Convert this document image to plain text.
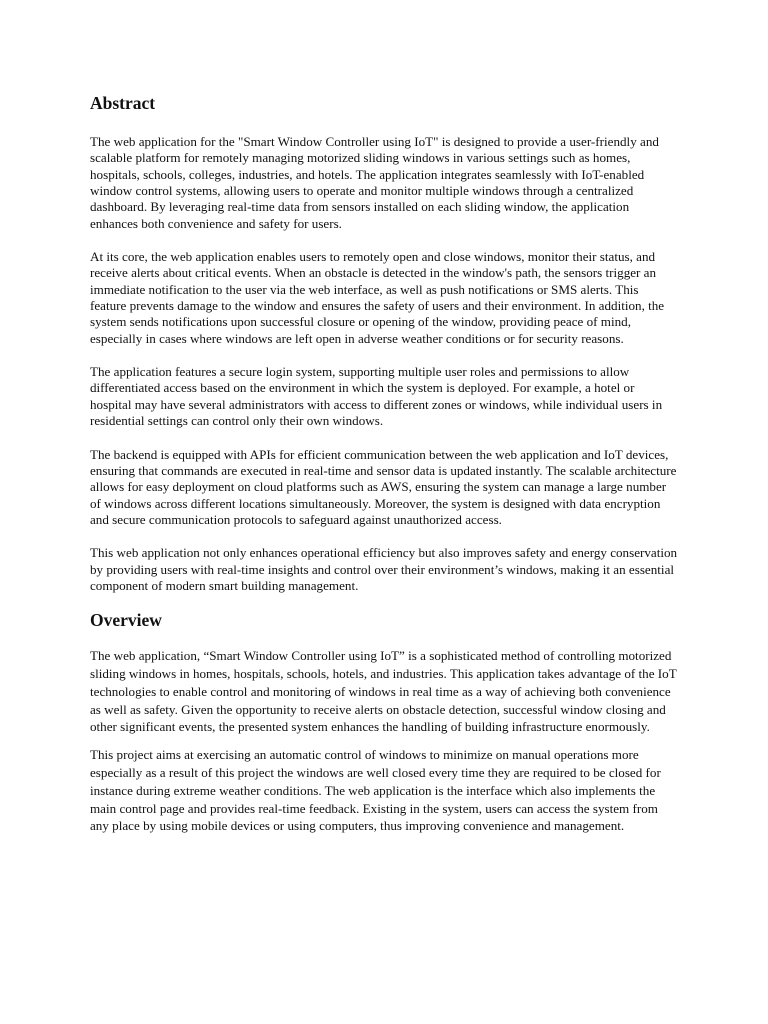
Abstract

The web application for the "Smart Window Controller using IoT" is designed to provide a user-friendly and scalable platform for remotely managing motorized sliding windows in various settings such as homes, hospitals, schools, colleges, industries, and hotels. The application integrates seamlessly with IoT-enabled window control systems, allowing users to operate and monitor multiple windows through a centralized dashboard. By leveraging real-time data from sensors installed on each sliding window, the application enhances both convenience and safety for users.

At its core, the web application enables users to remotely open and close windows, monitor their status, and receive alerts about critical events. When an obstacle is detected in the window's path, the sensors trigger an immediate notification to the user via the web interface, as well as push notifications or SMS alerts. This feature prevents damage to the window and ensures the safety of users and their environment. In addition, the system sends notifications upon successful closure or opening of the window, providing peace of mind, especially in cases where windows are left open in adverse weather conditions or for security reasons.

The application features a secure login system, supporting multiple user roles and permissions to allow differentiated access based on the environment in which the system is deployed. For example, a hotel or hospital may have several administrators with access to different zones or windows, while individual users in residential settings can control only their own windows.

The backend is equipped with APIs for efficient communication between the web application and IoT devices, ensuring that commands are executed in real-time and sensor data is updated instantly. The scalable architecture allows for easy deployment on cloud platforms such as AWS, ensuring the system can manage a large number of windows across different locations simultaneously. Moreover, the system is designed with data encryption and secure communication protocols to safeguard against unauthorized access.

This web application not only enhances operational efficiency but also improves safety and energy conservation by providing users with real-time insights and control over their environment’s windows, making it an essential component of modern smart building management.

Overview

The web application, “Smart Window Controller using IoT” is a sophisticated method of controlling motorized sliding windows in homes, hospitals, schools, hotels, and industries. This application takes advantage of the IoT technologies to enable control and monitoring of windows in real time as a way of achieving both convenience as well as safety. Given the opportunity to receive alerts on obstacle detection, successful window closing and other significant events, the presented system enhances the handling of building infrastructure enormously.

This project aims at exercising an automatic control of windows to minimize on manual operations more especially as a result of this project the windows are well closed every time they are required to be closed for instance during extreme weather conditions. The web application is the interface which also implements the main control page and provides real-time feedback. Existing in the system, users can access the system from any place by using mobile devices or using computers, thus improving convenience and management.
